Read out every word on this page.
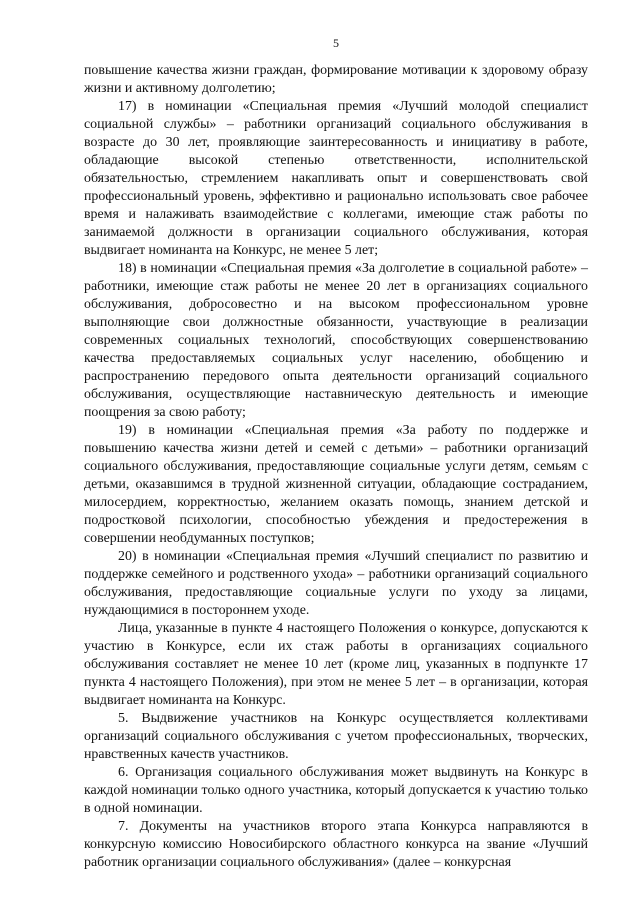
5

повышение качества жизни граждан, формирование мотивации к здоровому образу жизни и активному долголетию;

17) в номинации «Специальная премия «Лучший молодой специалист социальной службы» – работники организаций социального обслуживания в возрасте до 30 лет, проявляющие заинтересованность и инициативу в работе, обладающие высокой степенью ответственности, исполнительской обязательностью, стремлением накапливать опыт и совершенствовать свой профессиональный уровень, эффективно и рационально использовать свое рабочее время и налаживать взаимодействие с коллегами, имеющие стаж работы по занимаемой должности в организации социального обслуживания, которая выдвигает номинанта на Конкурс, не менее 5 лет;

18) в номинации «Специальная премия «За долголетие в социальной работе» – работники, имеющие стаж работы не менее 20 лет в организациях социального обслуживания, добросовестно и на высоком профессиональном уровне выполняющие свои должностные обязанности, участвующие в реализации современных социальных технологий, способствующих совершенствованию качества предоставляемых социальных услуг населению, обобщению и распространению передового опыта деятельности организаций социального обслуживания, осуществляющие наставническую деятельность и имеющие поощрения за свою работу;

19) в номинации «Специальная премия «За работу по поддержке и повышению качества жизни детей и семей с детьми» – работники организаций социального обслуживания, предоставляющие социальные услуги детям, семьям с детьми, оказавшимся в трудной жизненной ситуации, обладающие состраданием, милосердием, корректностью, желанием оказать помощь, знанием детской и подростковой психологии, способностью убеждения и предостережения в совершении необдуманных поступков;

20) в номинации «Специальная премия «Лучший специалист по развитию и поддержке семейного и родственного ухода» – работники организаций социального обслуживания, предоставляющие социальные услуги по уходу за лицами, нуждающимися в постороннем уходе.

Лица, указанные в пункте 4 настоящего Положения о конкурсе, допускаются к участию в Конкурсе, если их стаж работы в организациях социального обслуживания составляет не менее 10 лет (кроме лиц, указанных в подпункте 17 пункта 4 настоящего Положения), при этом не менее 5 лет – в организации, которая выдвигает номинанта на Конкурс.

5. Выдвижение участников на Конкурс осуществляется коллективами организаций социального обслуживания с учетом профессиональных, творческих, нравственных качеств участников.

6. Организация социального обслуживания может выдвинуть на Конкурс в каждой номинации только одного участника, который допускается к участию только в одной номинации.

7. Документы на участников второго этапа Конкурса направляются в конкурсную комиссию Новосибирского областного конкурса на звание «Лучший работник организации социального обслуживания» (далее – конкурсная
